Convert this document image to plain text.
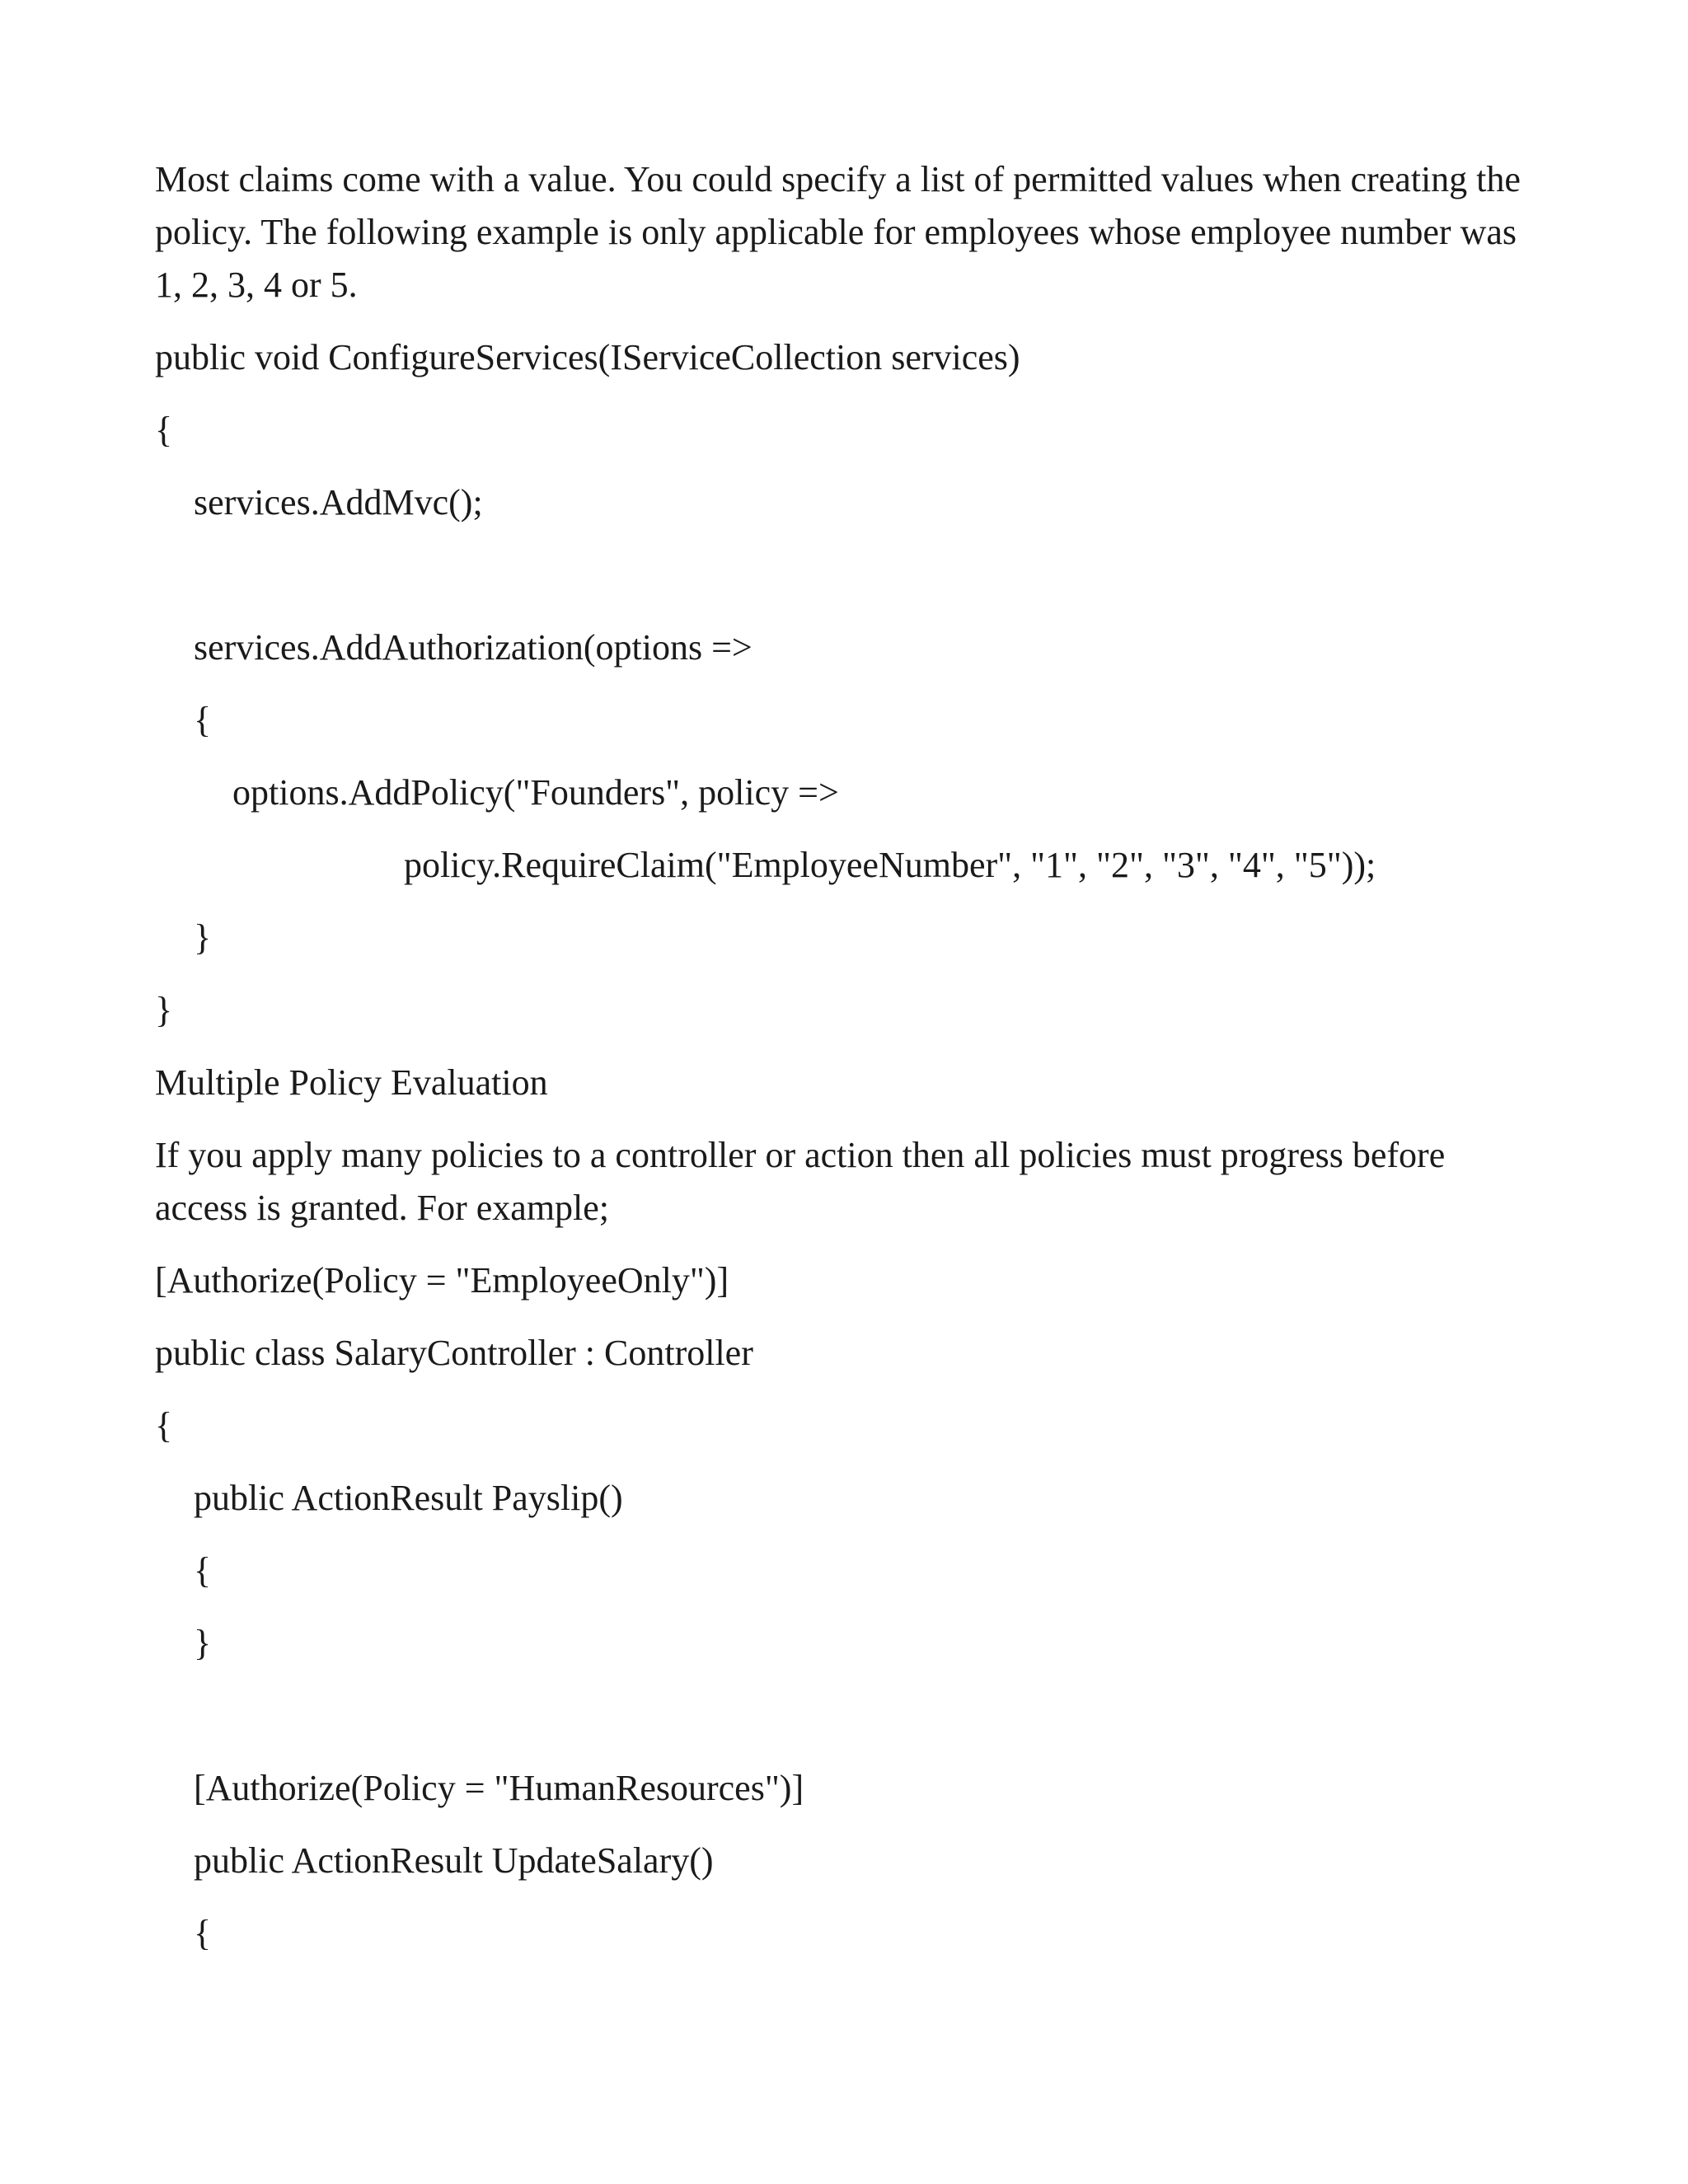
Most claims come with a value. You could specify a list of permitted values when creating the policy. The following example is only applicable for employees whose employee number was 1, 2, 3, 4 or 5.

public void ConfigureServices(IServiceCollection services)
{
services.AddMvc();
services.AddAuthorization(options =>
{
options.AddPolicy("Founders", policy =>
policy.RequireClaim("EmployeeNumber", "1", "2", "3", "4", "5"));
}
}

Multiple Policy Evaluation

If you apply many policies to a controller or action then all policies must progress before access is granted. For example;

[Authorize(Policy = "EmployeeOnly")]
public class SalaryController : Controller
{
public ActionResult Payslip()
{
}
[Authorize(Policy = "HumanResources")]
public ActionResult UpdateSalary()
{
